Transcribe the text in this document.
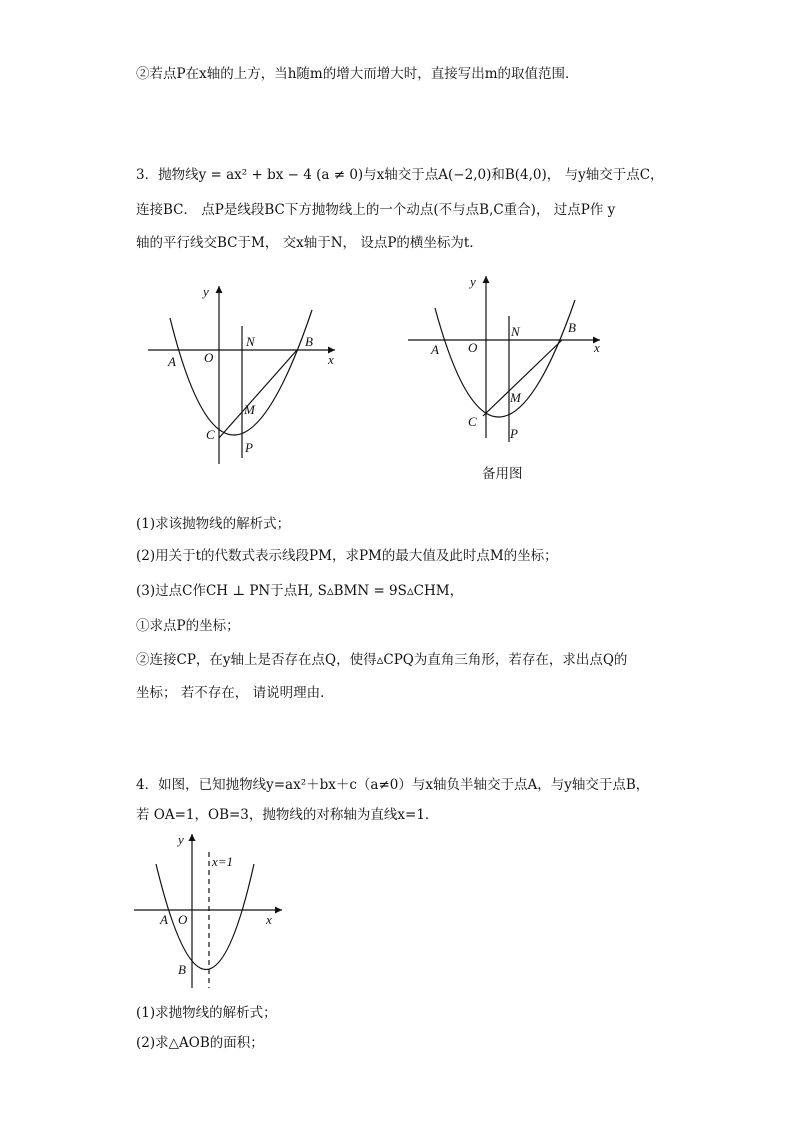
②若点P在x轴的上方，当h随m的增大而增大时，直接写出m的取值范围．
3．抛物线y = ax² + bx − 4 (a ≠ 0)与x轴交于点A(−2,0)和B(4,0)， 与y轴交于点C，
连接BC． 点P是线段BC下方抛物线上的一个动点(不与点B,C重合)， 过点P作 y
轴的平行线交BC于M， 交x轴于N， 设点P的横坐标为t．
y
x
A O
N	B
M
C
P
y
x
A O
N	B
M
C
P
备用图
(1)求该抛物线的解析式；
(2)用关于t的代数式表示线段PM，求PM的最大值及此时点M的坐标；
(3)过点C作CH ⊥ PN于点H, S▵BMN = 9S▵CHM，
①求点P的坐标；
②连接CP，在y轴上是否存在点Q，使得▵CPQ为直角三角形，若存在，求出点Q的
坐标； 若不存在， 请说明理由．
4．如图，已知抛物线y=ax²＋bx＋c（a≠0）与x轴负半轴交于点A，与y轴交于点B，
若 OA=1，OB=3，抛物线的对称轴为直线x=1．
y
x
x=1
A O
B
(1)求抛物线的解析式；
(2)求△AOB的面积；
